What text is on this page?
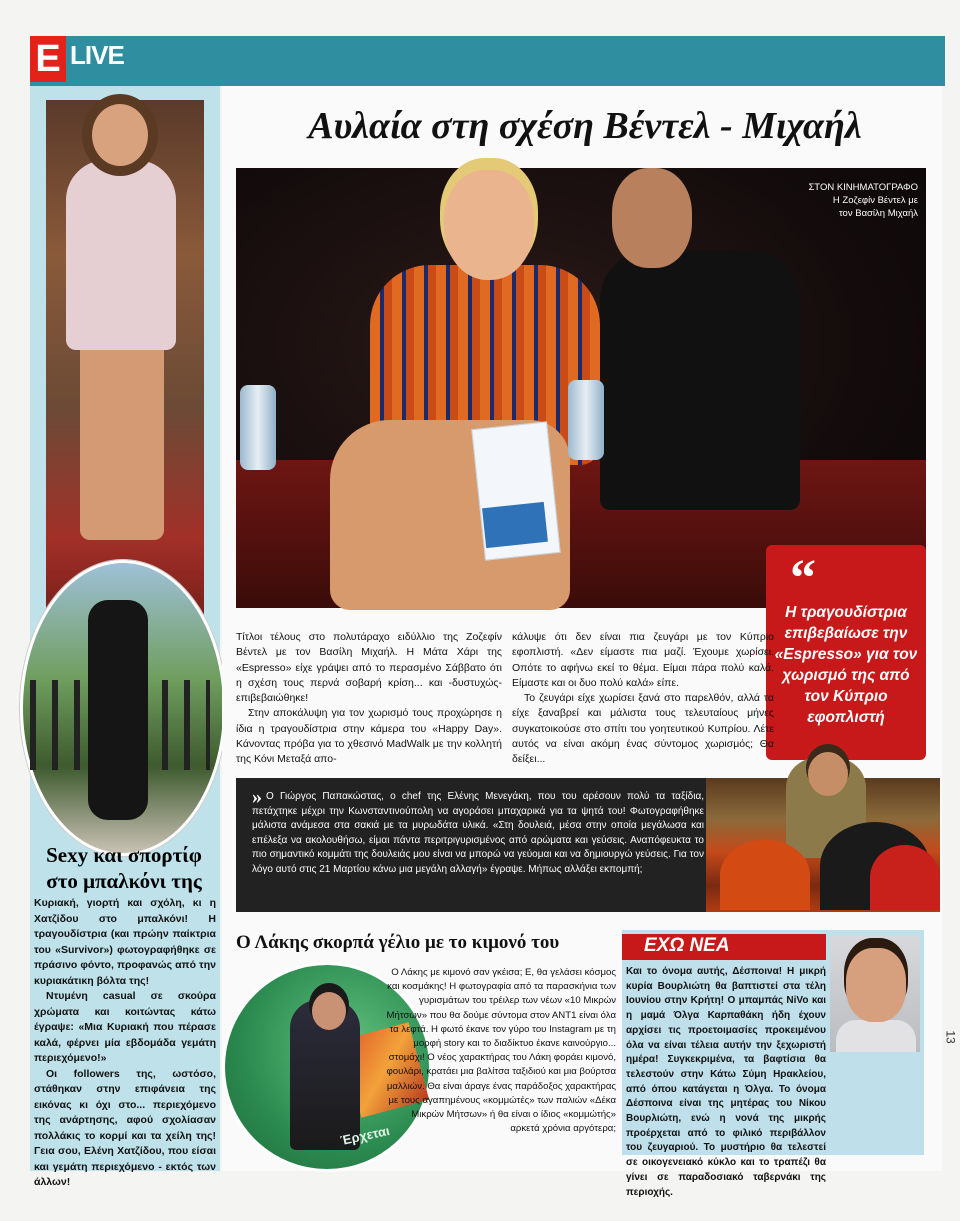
E LIVE
Sexy και σπορτίφ
στο μπαλκόνι της

Κυριακή, γιορτή και σχόλη, κι η Χατζίδου στο μπαλκόνι! Η τραγουδίστρια (και πρώην παίκτρια του «Survivor») φωτογραφήθηκε σε πράσινο φόντο, προφανώς από την κυριακάτικη βόλτα της!

Ντυμένη casual σε σκούρα χρώματα και κοιτώντας κάτω έγραψε: «Μια Κυριακή που πέρασε καλά, φέρνει μία εβδομάδα γεμάτη περιεχόμενο!»

Οι followers της, ωστόσο, στάθηκαν στην επιφάνεια της εικόνας κι όχι στο... περιεχόμενο της ανάρτησης, αφού σχολίασαν πολλάκις το κορμί και τα χείλη της! Γεια σου, Ελένη Χατζίδου, που είσαι και γεμάτη περιεχόμενο - εκτός των άλλων!

Αυλαία στη σχέση Βέντελ - Μιχαήλ
ΣΤΟΝ ΚΙΝΗΜΑΤΟΓΡΑΦΟ
Η Ζοζεφίν Βέντελ με
τον Βασίλη Μιχαήλ
“
Η τραγουδίστρια επιβεβαίωσε την «Espresso» για τον χωρισμό της από τον Κύπριο εφοπλιστή

Τίτλοι τέλους στο πολυτάραχο ειδύλλιο της Ζοζεφίν Βέντελ με τον Βασίλη Μιχαήλ. Η Μάτα Χάρι της «Espresso» είχε γράψει από το περασμένο Σάββατο ότι η σχέση τους περνά σοβαρή κρίση... και -δυστυχώς- επιβεβαιώθηκε!

Στην αποκάλυψη για τον χωρισμό τους προχώρησε η ίδια η τραγουδίστρια στην κάμερα του «Happy Day». Κάνοντας πρόβα για το χθεσινό MadWalk με την κολλητή της Κόνι Μεταξά απο-

κάλυψε ότι δεν είναι πια ζευγάρι με τον Κύπριο εφοπλιστή. «Δεν είμαστε πια μαζί. Έχουμε χωρίσει. Οπότε το αφήνω εκεί το θέμα. Είμαι πάρα πολύ καλά. Είμαστε και οι δυο πολύ καλά» είπε.

Το ζευγάρι είχε χωρίσει ξανά στο παρελθόν, αλλά τα είχε ξαναβρεί και μάλιστα τους τελευταίους μήνες συγκατοικούσε στο σπίτι του γοητευτικού Κυπρίου. Λέτε αυτός να είναι ακόμη ένας σύντομος χωρισμός; Θα δείξει...

» Ο Γιώργος Παπακώστας, ο chef της Ελένης Μενεγάκη, που του αρέσουν πολύ τα ταξίδια, πετάχτηκε μέχρι την Κωνσταντινούπολη να αγοράσει μπαχαρικά για τα ψητά του! Φωτογραφήθηκε μάλιστα ανάμεσα στα σακιά με τα μυρωδάτα υλικά. «Στη δουλειά, μέσα στην οποία μεγάλωσα και επέλεξα να ακολουθήσω, είμαι πάντα περιτριγυρισμένος από αρώματα και γεύσεις. Αναπόφευκτα το πιο σημαντικό κομμάτι της δουλειάς μου είναι να μπορώ να γεύομαι και να δημιουργώ γεύσεις. Για τον λόγο αυτό στις 21 Μαρτίου κάνω μια μεγάλη αλλαγή» έγραψε. Μήπως αλλάξει εκπομπή;
Ο Λάκης σκορπά γέλιο με το κιμονό του
Έρχεται

Ο Λάκης με κιμονό σαν γκέισα; Ε, θα γελάσει κόσμος και κοσμάκης! Η φωτογραφία από τα παρασκήνια των γυρισμάτων του τρέιλερ των νέων «10 Μικρών Μήτσων» που θα δούμε σύντομα στον ΑΝΤ1 είναι όλα τα λεφτά. Η φωτό έκανε τον γύρο του Instagram με τη μορφή story και το διαδίκτυο έκανε καινούργιο... στομάχι! Ο νέος χαρακτήρας του Λάκη φοράει κιμονό, φουλάρι, κρατάει μια βαλίτσα ταξιδιού και μια βούρτσα μαλλιών. Θα είναι άραγε ένας παράδοξος χαρακτήρας με τους αγαπημένους «κομμώτές» των παλιών «Δέκα Μικρών Μήτσων» ή θα είναι ο ίδιος «κομμώτής» αρκετά χρόνια αργότερα;

ΕΧΩ ΝΕΑ
Και το όνομα αυτής, Δέσποινα! Η μικρή κυρία Βουρλιώτη θα βαπτιστεί στα τέλη Ιουνίου στην Κρήτη! Ο μπαμπάς NiVo και η μαμά Όλγα Καρπαθάκη ήδη έχουν αρχίσει τις προετοιμασίες προκειμένου όλα να είναι τέλεια αυτήν την ξεχωριστή ημέρα! Συγκεκριμένα, τα βαφτίσια θα τελεστούν στην Κάτω Σύμη Ηρακλείου, από όπου κατάγεται η Όλγα. Το όνομα Δέσποινα είναι της μητέρας του Νίκου Βουρλιώτη, ενώ η νονά της μικρής προέρχεται από το φιλικό περιβάλλον του ζευγαριού. Το μυστήριο θα τελεστεί σε οικογενειακό κύκλο και το τραπέζι θα γίνει σε παραδοσιακό ταβερνάκι της περιοχής.
13
